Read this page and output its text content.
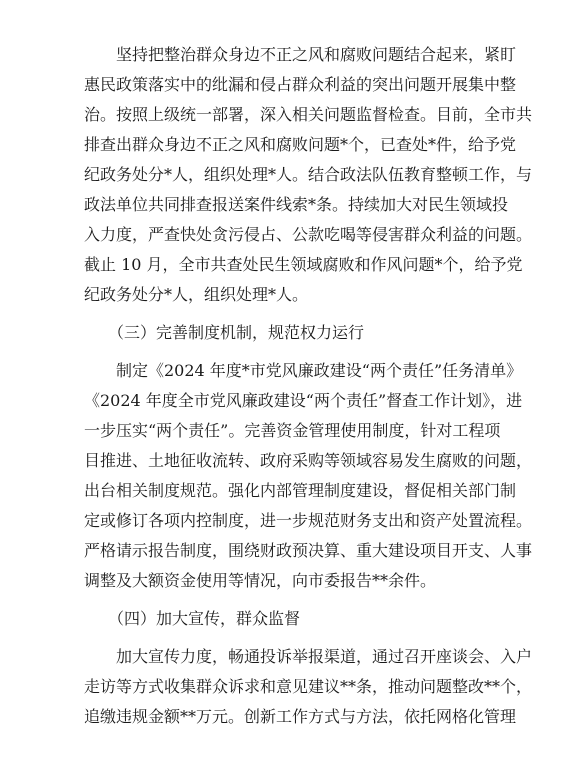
　　坚持把整治群众身边不正之风和腐败问题结合起来，紧盯
惠民政策落实中的纰漏和侵占群众利益的突出问题开展集中整
治。按照上级统一部署，深入相关问题监督检查。目前，全市共
排查出群众身边不正之风和腐败问题*个，已查处*件，给予党
纪政务处分*人，组织处理*人。结合政法队伍教育整顿工作，与
政法单位共同排查报送案件线索*条。持续加大对民生领域投
入力度，严查快处贪污侵占、公款吃喝等侵害群众利益的问题。
截止 10 月，全市共查处民生领域腐败和作风问题*个，给予党
纪政务处分*人，组织处理*人。
　　（三）完善制度机制，规范权力运行
　　制定《2024 年度*市党风廉政建设“两个责任”任务清单》
《2024 年度全市党风廉政建设“两个责任”督查工作计划》，进
一步压实“两个责任”。完善资金管理使用制度，针对工程项
目推进、土地征收流转、政府采购等领域容易发生腐败的问题，
出台相关制度规范。强化内部管理制度建设，督促相关部门制
定或修订各项内控制度，进一步规范财务支出和资产处置流程。
严格请示报告制度，围绕财政预决算、重大建设项目开支、人事
调整及大额资金使用等情况，向市委报告**余件。
　　（四）加大宣传，群众监督
　　加大宣传力度，畅通投诉举报渠道，通过召开座谈会、入户
走访等方式收集群众诉求和意见建议**条，推动问题整改**个，
追缴违规金额**万元。创新工作方式与方法，依托网格化管理
